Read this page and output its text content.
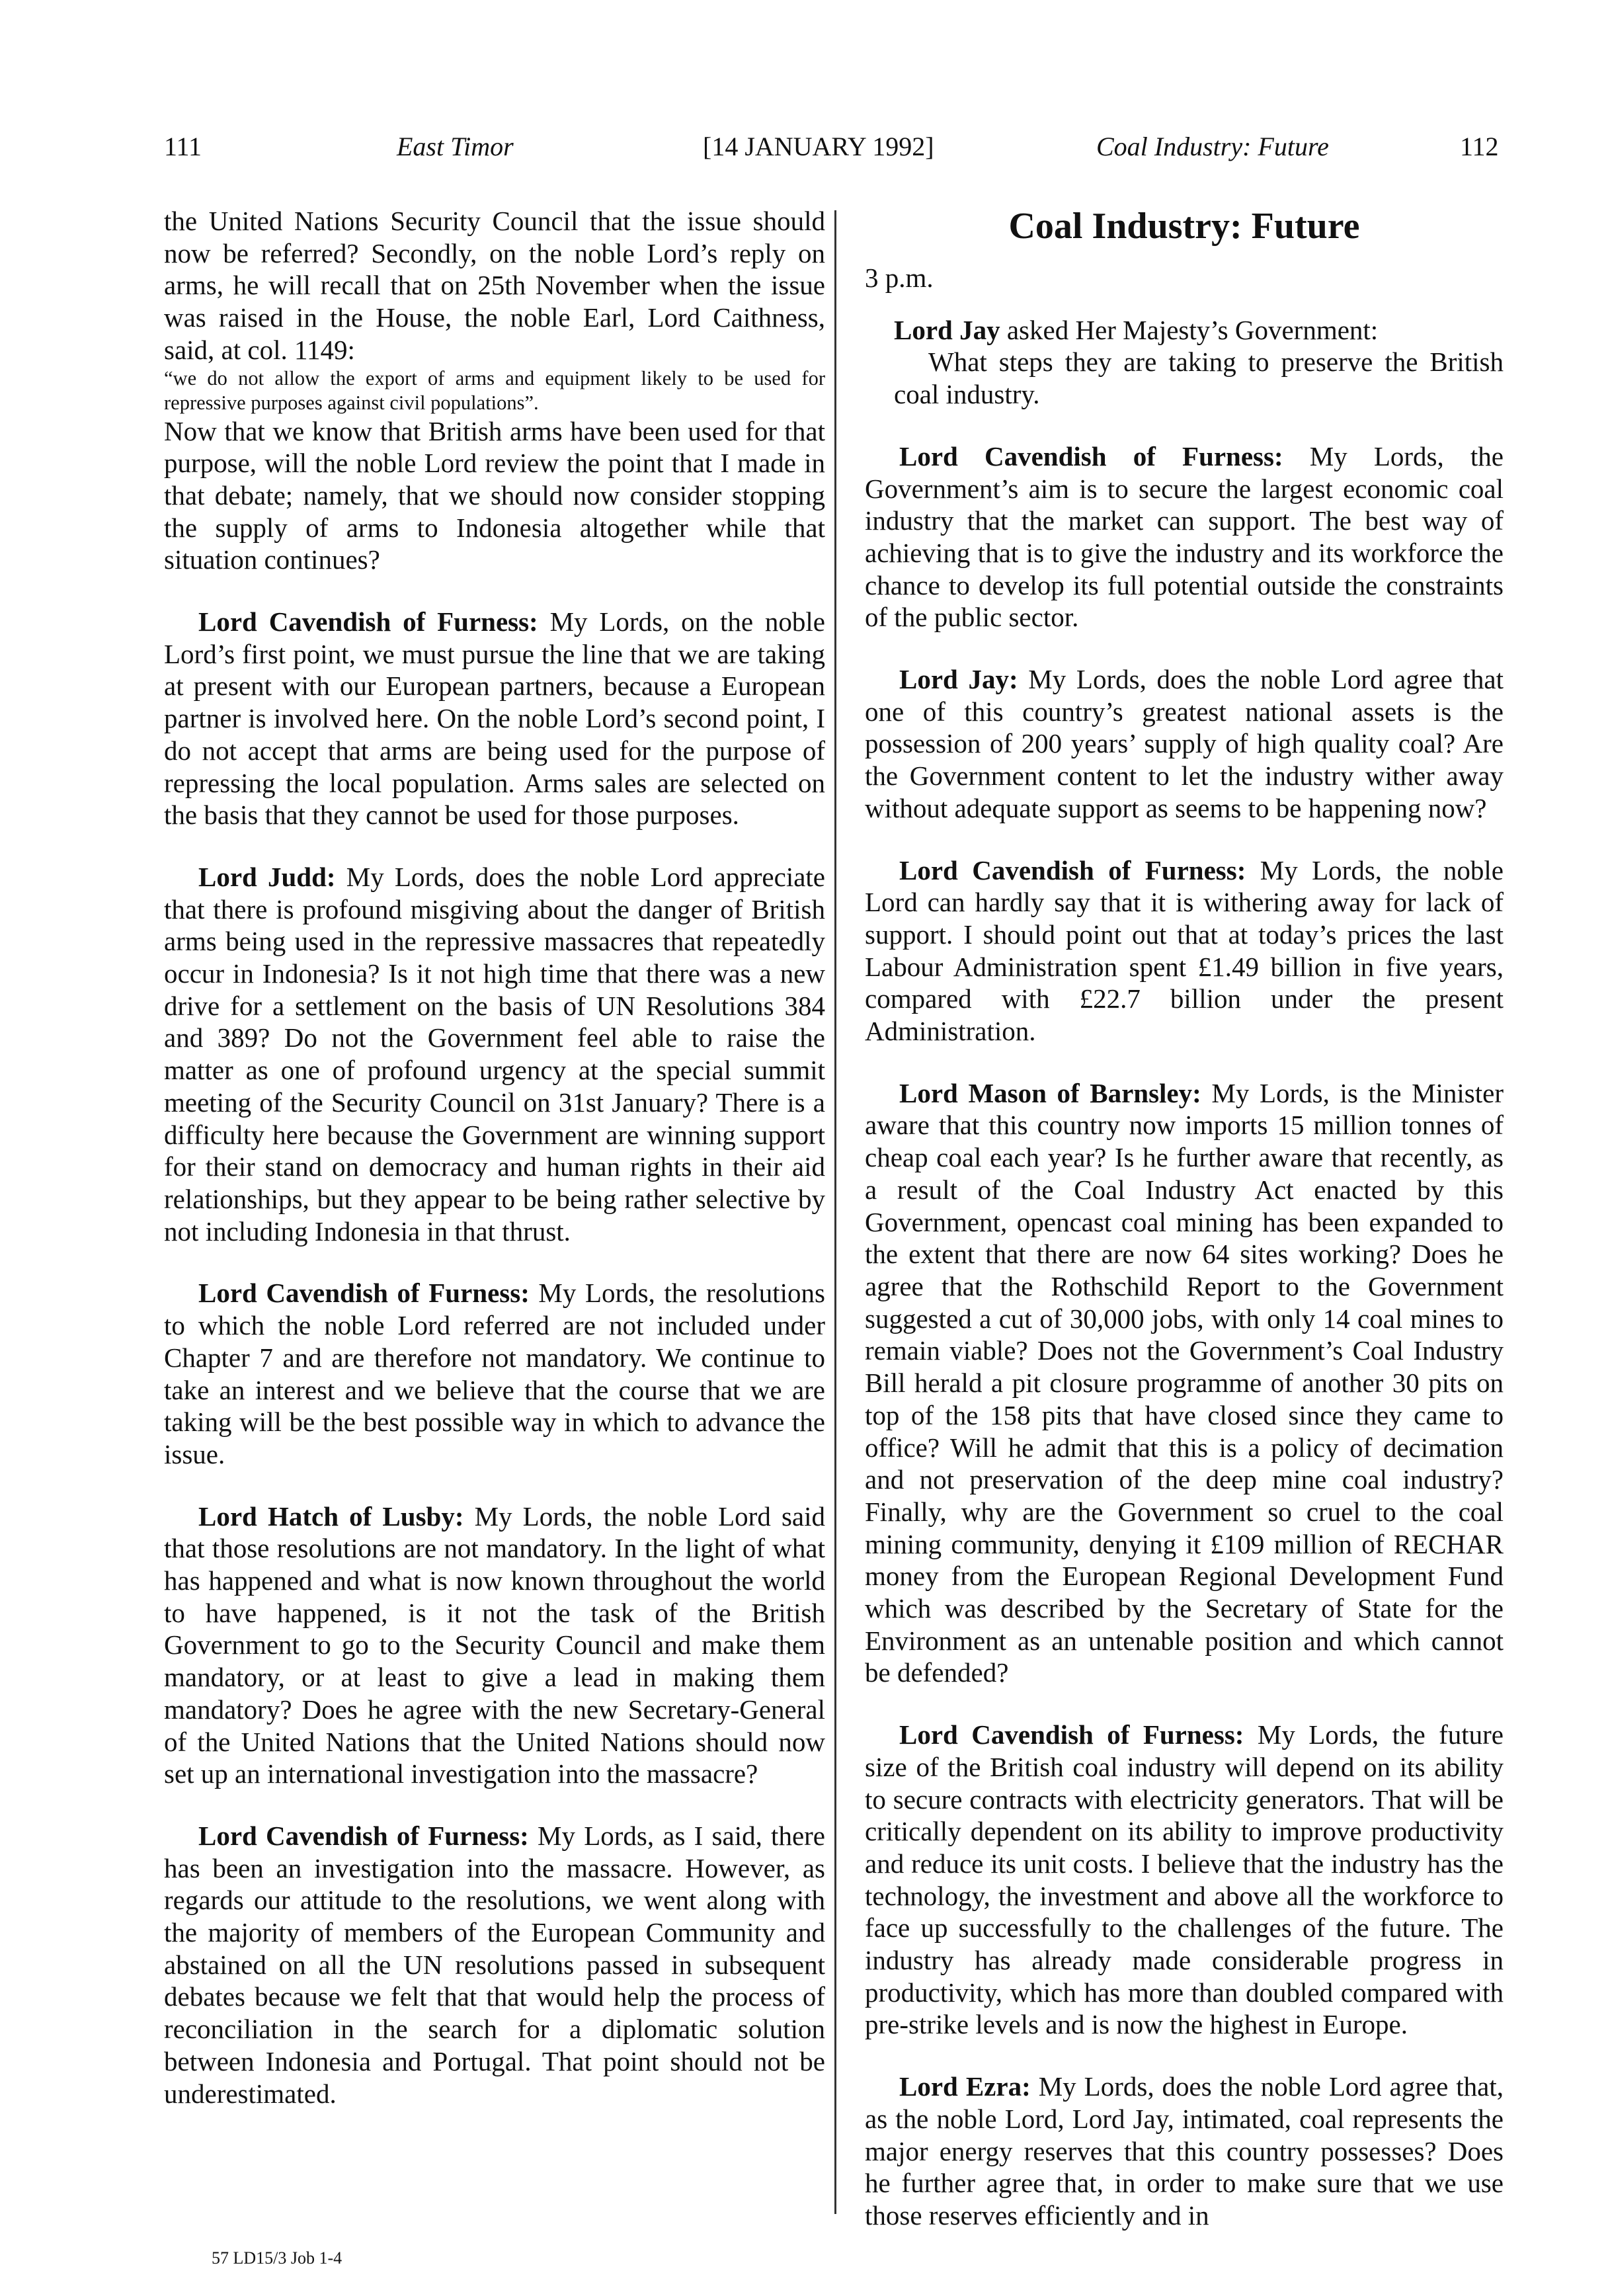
111	East Timor	[14 JANUARY 1992]	Coal Industry: Future	112

the United Nations Security Council that the issue should now be referred? Secondly, on the noble Lord’s reply on arms, he will recall that on 25th November when the issue was raised in the House, the noble Earl, Lord Caithness, said, at col. 1149:

“we do not allow the export of arms and equipment likely to be used for repressive purposes against civil populations”.

Now that we know that British arms have been used for that purpose, will the noble Lord review the point that I made in that debate; namely, that we should now consider stopping the supply of arms to Indonesia altogether while that situation continues?

Lord Cavendish of Furness: My Lords, on the noble Lord’s first point, we must pursue the line that we are taking at present with our European partners, because a European partner is involved here. On the noble Lord’s second point, I do not accept that arms are being used for the purpose of repressing the local population. Arms sales are selected on the basis that they cannot be used for those purposes.

Lord Judd: My Lords, does the noble Lord appreciate that there is profound misgiving about the danger of British arms being used in the repressive massacres that repeatedly occur in Indonesia? Is it not high time that there was a new drive for a settlement on the basis of UN Resolutions 384 and 389? Do not the Government feel able to raise the matter as one of profound urgency at the special summit meeting of the Security Council on 31st January? There is a difficulty here because the Government are winning support for their stand on democracy and human rights in their aid relationships, but they appear to be being rather selective by not including Indonesia in that thrust.

Lord Cavendish of Furness: My Lords, the resolutions to which the noble Lord referred are not included under Chapter 7 and are therefore not mandatory. We continue to take an interest and we believe that the course that we are taking will be the best possible way in which to advance the issue.

Lord Hatch of Lusby: My Lords, the noble Lord said that those resolutions are not mandatory. In the light of what has happened and what is now known throughout the world to have happened, is it not the task of the British Government to go to the Security Council and make them mandatory, or at least to give a lead in making them mandatory? Does he agree with the new Secretary-General of the United Nations that the United Nations should now set up an international investigation into the massacre?

Lord Cavendish of Furness: My Lords, as I said, there has been an investigation into the massacre. However, as regards our attitude to the resolutions, we went along with the majority of members of the European Community and abstained on all the UN resolutions passed in subsequent debates because we felt that that would help the process of reconciliation in the search for a diplomatic solution between Indonesia and Portugal. That point should not be underestimated.

Coal Industry: Future

3 p.m.

Lord Jay asked Her Majesty’s Government:

What steps they are taking to preserve the British coal industry.

Lord Cavendish of Furness: My Lords, the Government’s aim is to secure the largest economic coal industry that the market can support. The best way of achieving that is to give the industry and its workforce the chance to develop its full potential outside the constraints of the public sector.

Lord Jay: My Lords, does the noble Lord agree that one of this country’s greatest national assets is the possession of 200 years’ supply of high quality coal? Are the Government content to let the industry wither away without adequate support as seems to be happening now?

Lord Cavendish of Furness: My Lords, the noble Lord can hardly say that it is withering away for lack of support. I should point out that at today’s prices the last Labour Administration spent £1.49 billion in five years, compared with £22.7 billion under the present Administration.

Lord Mason of Barnsley: My Lords, is the Minister aware that this country now imports 15 million tonnes of cheap coal each year? Is he further aware that recently, as a result of the Coal Industry Act enacted by this Government, opencast coal mining has been expanded to the extent that there are now 64 sites working? Does he agree that the Rothschild Report to the Government suggested a cut of 30,000 jobs, with only 14 coal mines to remain viable? Does not the Government’s Coal Industry Bill herald a pit closure programme of another 30 pits on top of the 158 pits that have closed since they came to office? Will he admit that this is a policy of decimation and not preservation of the deep mine coal industry? Finally, why are the Government so cruel to the coal mining community, denying it £109 million of RECHAR money from the European Regional Development Fund which was described by the Secretary of State for the Environment as an untenable position and which cannot be defended?

Lord Cavendish of Furness: My Lords, the future size of the British coal industry will depend on its ability to secure contracts with electricity generators. That will be critically dependent on its ability to improve productivity and reduce its unit costs. I believe that the industry has the technology, the investment and above all the workforce to face up successfully to the challenges of the future. The industry has already made considerable progress in productivity, which has more than doubled compared with pre-strike levels and is now the highest in Europe.

Lord Ezra: My Lords, does the noble Lord agree that, as the noble Lord, Lord Jay, intimated, coal represents the major energy reserves that this country possesses? Does he further agree that, in order to make sure that we use those reserves efficiently and in

57 LD15/3 Job 1-4
